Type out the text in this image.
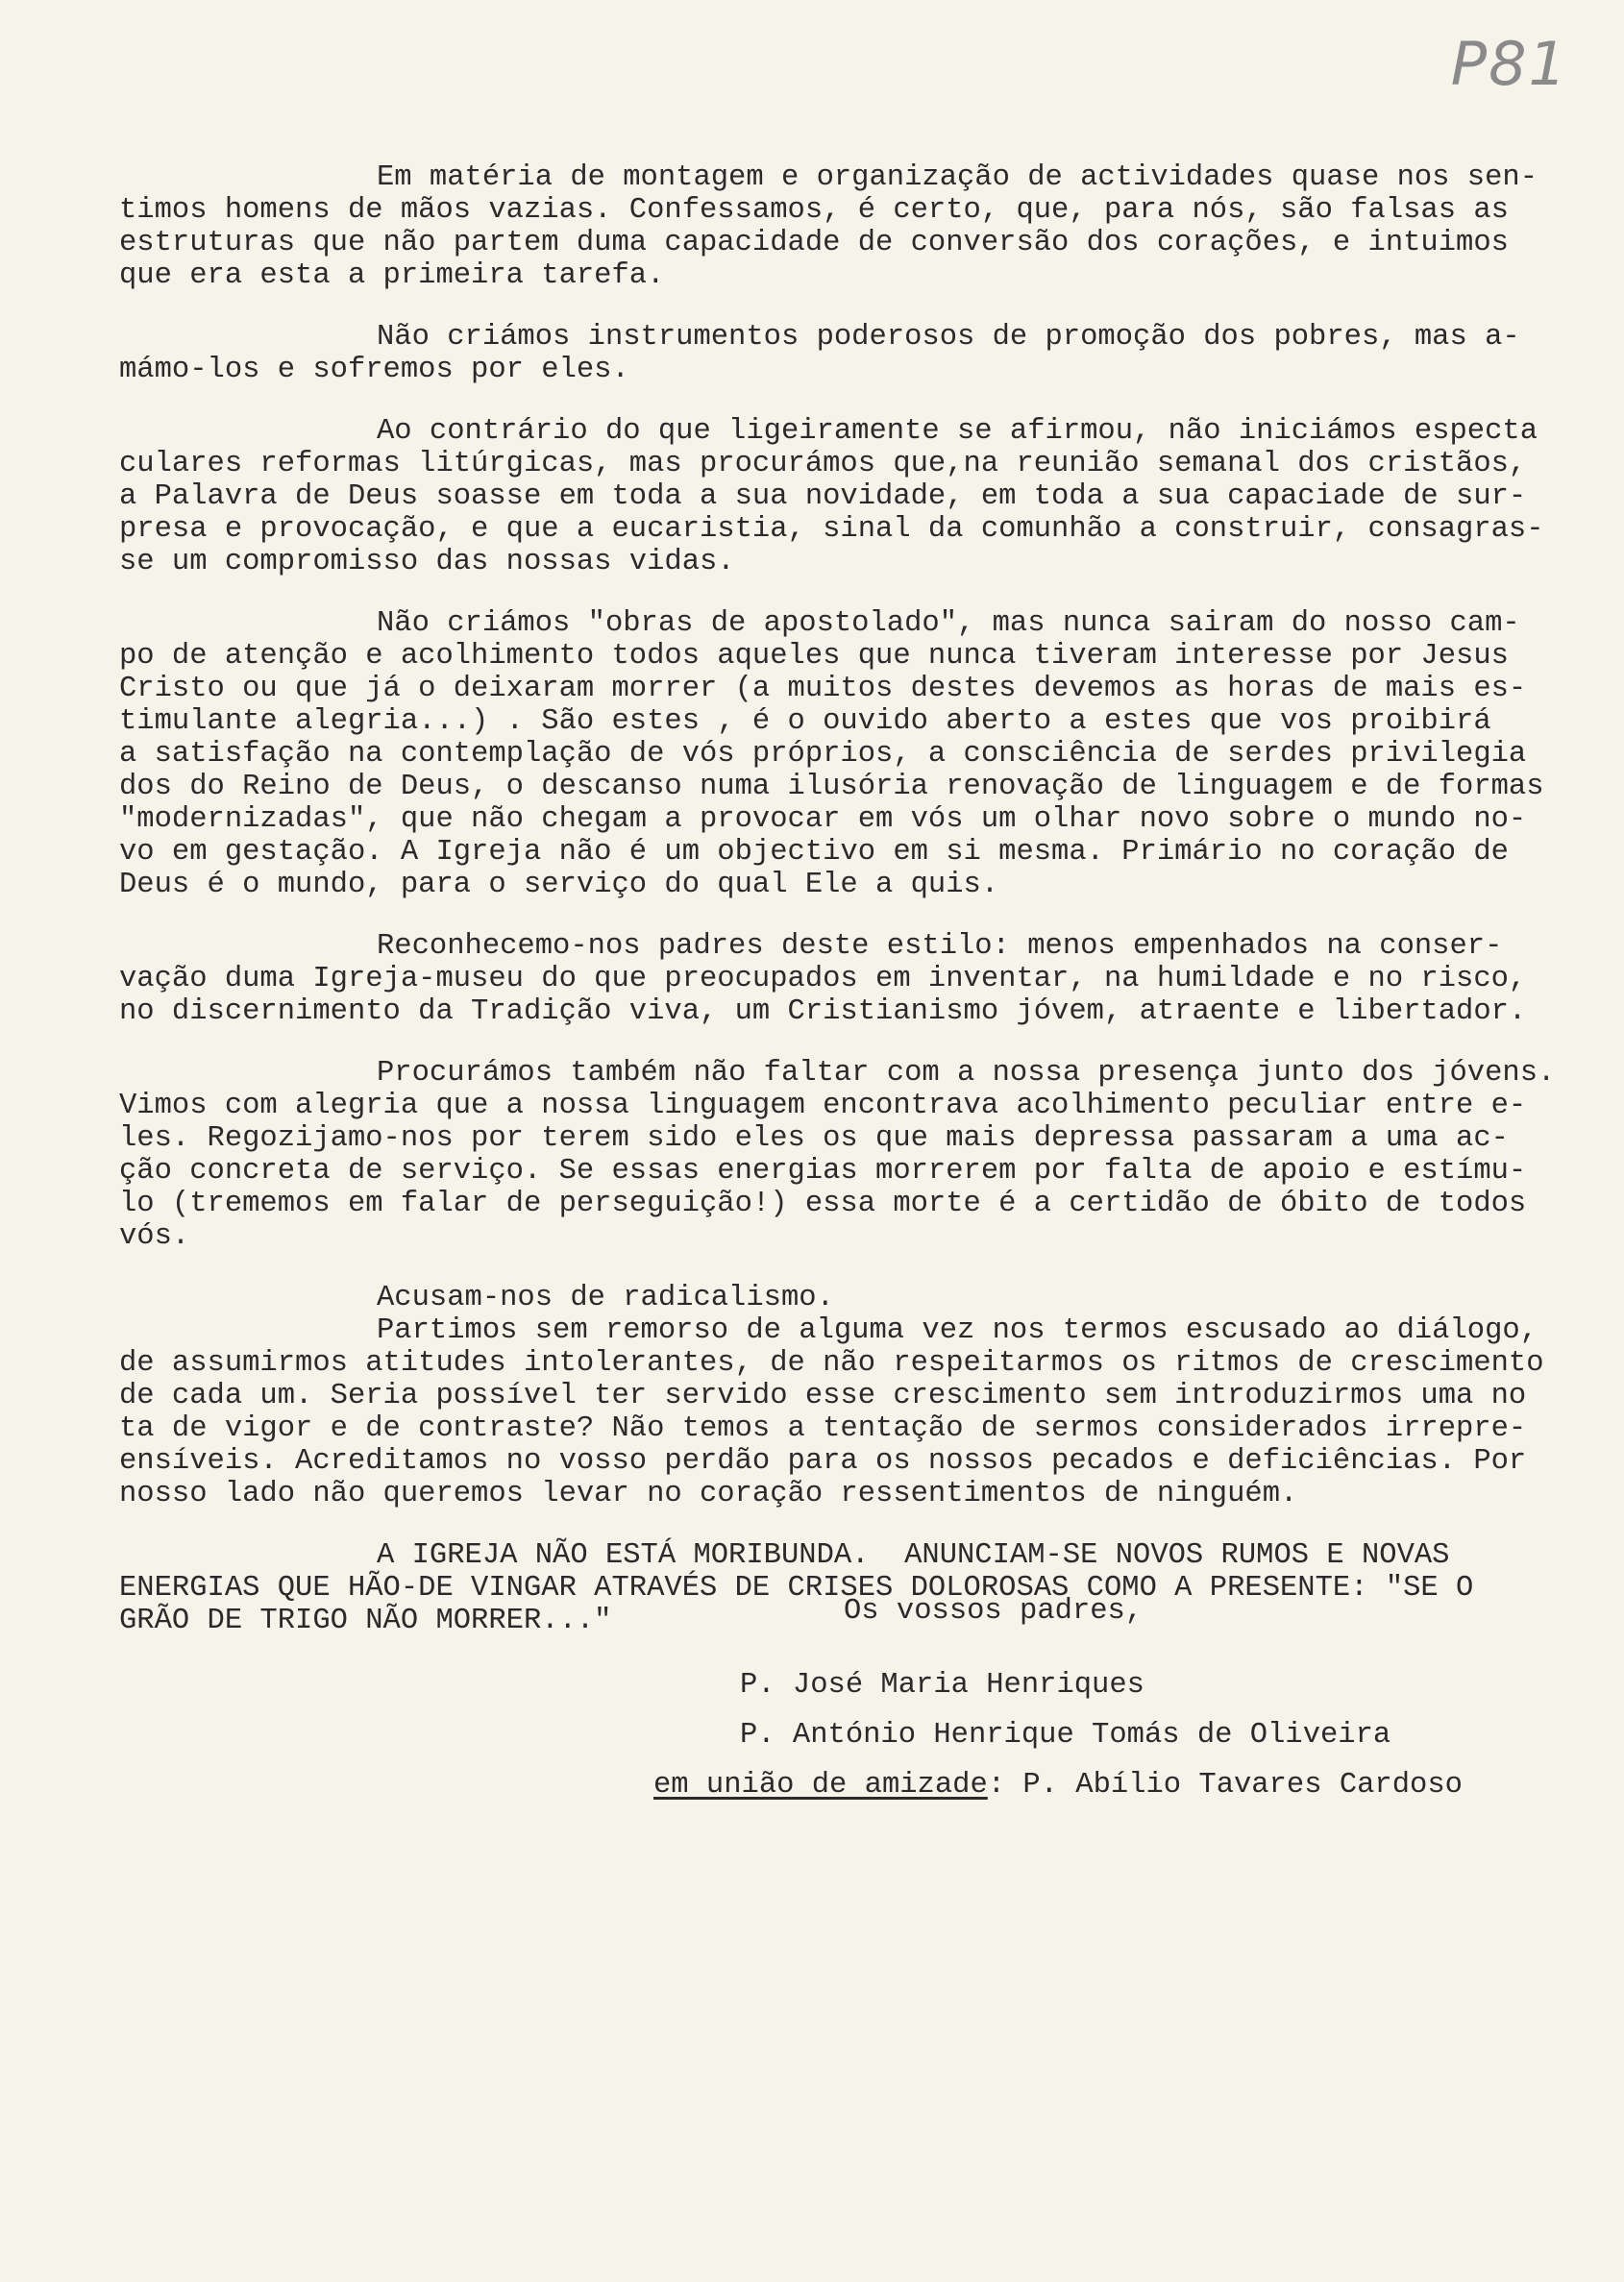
P81

Em matéria de montagem e organização de actividades quase nos sen-
timos homens de mãos vazias. Confessamos, é certo, que, para nós, são falsas as
estruturas que não partem duma capacidade de conversão dos corações, e intuimos
que era esta a primeira tarefa.

Não criámos instrumentos poderosos de promoção dos pobres, mas a-
mámo-los e sofremos por eles.

Ao contrário do que ligeiramente se afirmou, não iniciámos especta
culares reformas litúrgicas, mas procurámos que,na reunião semanal dos cristãos,
a Palavra de Deus soasse em toda a sua novidade, em toda a sua capaciade de sur-
presa e provocação, e que a eucaristia, sinal da comunhão a construir, consagras-
se um compromisso das nossas vidas.

Não criámos "obras de apostolado", mas nunca sairam do nosso cam-
po de atenção e acolhimento todos aqueles que nunca tiveram interesse por Jesus
Cristo ou que já o deixaram morrer (a muitos destes devemos as horas de mais es-
timulante alegria...) . São estes , é o ouvido aberto a estes que vos proibirá
a satisfação na contemplação de vós próprios, a consciência de serdes privilegia
dos do Reino de Deus, o descanso numa ilusória renovação de linguagem e de formas
"modernizadas", que não chegam a provocar em vós um olhar novo sobre o mundo no-
vo em gestação. A Igreja não é um objectivo em si mesma. Primário no coração de
Deus é o mundo, para o serviço do qual Ele a quis.

Reconhecemo-nos padres deste estilo: menos empenhados na conser-
vação duma Igreja-museu do que preocupados em inventar, na humildade e no risco,
no discernimento da Tradição viva, um Cristianismo jóvem, atraente e libertador.

Procurámos também não faltar com a nossa presença junto dos jóvens.
Vimos com alegria que a nossa linguagem encontrava acolhimento peculiar entre e-
les. Regozijamo-nos por terem sido eles os que mais depressa passaram a uma ac-
ção concreta de serviço. Se essas energias morrerem por falta de apoio e estímu-
lo (trememos em falar de perseguição!) essa morte é a certidão de óbito de todos
vós.

Acusam-nos de radicalismo.
Partimos sem remorso de alguma vez nos termos escusado ao diálogo,
de assumirmos atitudes intolerantes, de não respeitarmos os ritmos de crescimento
de cada um. Seria possível ter servido esse crescimento sem introduzirmos uma no
ta de vigor e de contraste? Não temos a tentação de sermos considerados irrepre-
ensíveis. Acreditamos no vosso perdão para os nossos pecados e deficiências. Por
nosso lado não queremos levar no coração ressentimentos de ninguém.

A IGREJA NÃO ESTÁ MORIBUNDA.  ANUNCIAM-SE NOVOS RUMOS E NOVAS
ENERGIAS QUE HÃO-DE VINGAR ATRAVÉS DE CRISES DOLOROSAS COMO A PRESENTE: "SE O
GRÃO DE TRIGO NÃO MORRER..."	Os vossos padres,
P. José Maria Henriques
P. António Henrique Tomás de Oliveira
em união de amizade: P. Abílio Tavares Cardoso
